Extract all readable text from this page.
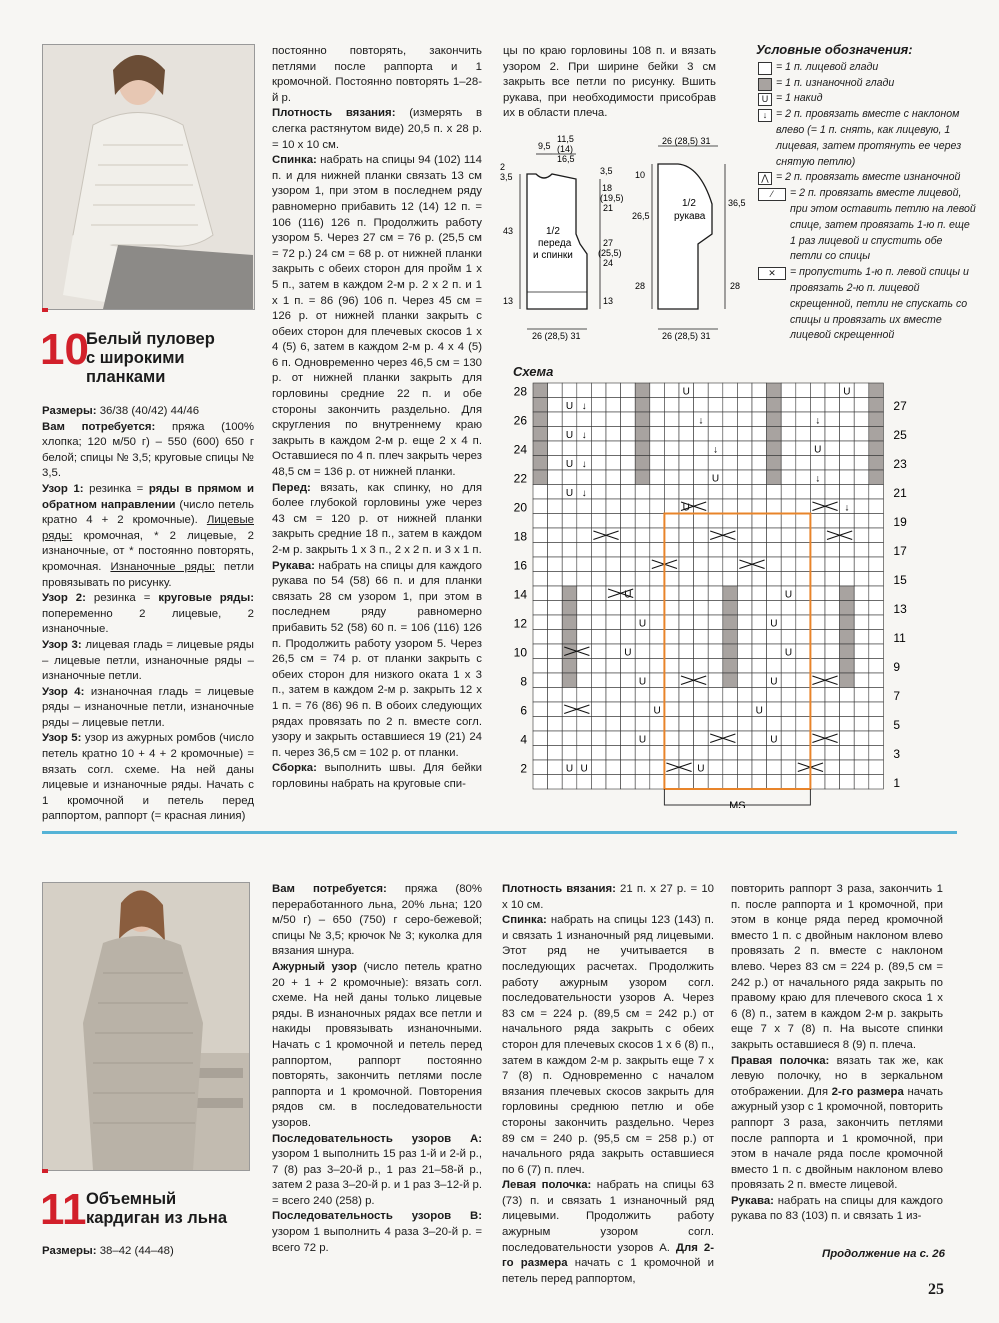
10
Белый пуловер
с широкими
планками

Размеры: 36/38 (40/42) 44/46

Вам потребуется: пряжа (100% хлопка; 120 м/50 г) – 550 (600) 650 г белой; спицы № 3,5; круговые спицы № 3,5.

Узор 1: резинка = ряды в прямом и обратном направлении (число петель кратно 4 + 2 кромочные). Лицевые ряды: кромочная, * 2 лицевые, 2 изнаночные, от * постоянно повторять, кромочная. Изнаночные ряды: петли провязывать по рисунку.

Узор 2: резинка = круговые ряды: попеременно 2 лицевые, 2 изнаночные.

Узор 3: лицевая гладь = лицевые ряды – лицевые петли, изнаночные ряды – изнаночные петли.

Узор 4: изнаночная гладь = лицевые ряды – изнаночные петли, изнаночные ряды – лицевые петли.

Узор 5: узор из ажурных ромбов (число петель кратно 10 + 4 + 2 кромочные) = вязать согл. схеме. На ней даны лицевые и изнаночные ряды. Начать с 1 кромочной и петель перед раппортом, раппорт (= красная линия)

постоянно повторять, закончить петлями после раппорта и 1 кромочной. Постоянно повторять 1–28-й р.

Плотность вязания: (измерять в слегка растянутом виде) 20,5 п. х 28 р. = 10 х 10 см.

Спинка: набрать на спицы 94 (102) 114 п. и для нижней планки связать 13 см узором 1, при этом в последнем ряду равномерно прибавить 12 (14) 12 п. = 106 (116) 126 п. Продолжить работу узором 5. Через 27 см = 76 р. (25,5 см = 72 р.) 24 см = 68 р. от нижней планки закрыть с обеих сторон для пройм 1 х 5 п., затем в каждом 2-м р. 2 х 2 п. и 1 х 1 п. = 86 (96) 106 п. Через 45 см = 126 р. от нижней планки закрыть с обеих сторон для плечевых скосов 1 х 4 (5) 6, затем в каждом 2-м р. 4 х 4 (5) 6 п. Одновременно через 46,5 см = 130 р. от нижней планки закрыть для горловины средние 22 п. и обе стороны закончить раздельно. Для скругления по внутреннему краю закрыть в каждом 2-м р. еще 2 х 4 п. Оставшиеся по 4 п. плеч закрыть через 48,5 см = 136 р. от нижней планки.

Перед: вязать, как спинку, но для более глубокой горловины уже через 43 см = 120 р. от нижней планки закрыть средние 18 п., затем в каждом 2-м р. закрыть 1 х 3 п., 2 х 2 п. и 3 х 1 п.

Рукава: набрать на спицы для каждого рукава по 54 (58) 66 п. и для планки связать 28 см узором 1, при этом в последнем ряду равномерно прибавить 52 (58) 60 п. = 106 (116) 126 п. Продолжить работу узором 5. Через 26,5 см = 74 р. от планки закрыть с обеих сторон для низкого оката 1 х 3 п., затем в каждом 2-м р. закрыть 12 х 1 п. = 76 (86) 96 п. В обоих следующих рядах провязать по 2 п. вместе согл. узору и закрыть оставшиеся 19 (21) 24 п. через 36,5 см = 102 р. от планки.

Сборка: выполнить швы. Для бейки горловины набрать на круговые спи-

цы по краю горловины 108 п. и вязать узором 2. При ширине бейки 3 см закрыть все петли по рисунку. Вшить рукава, при необходимости присобрав их в области плеча.

9,5
11,5
(14)
16,5
2
3,5
43
13
3,5
18
(19,5)
21
27
(25,5)
24
13
1/2
переда
и спинки
26 (28,5) 31
26 (28,5) 31
10
26,5
28
36,5
28
1/2
рукава
26 (28,5) 31
Условные обозначения:
= 1 п. лицевой глади
= 1 п. изнаночной глади
U = 1 накид
↓ = 2 п. провязать вместе с наклоном влево (= 1 п. снять, как лицевую, 1 лицевая, затем протянуть ее через снятую петлю)
⋀ = 2 п. провязать вместе изнаночной
⁄	= 2 п. провязать вместе лицевой, при этом оставить петлю на левой спице, затем провязать 1-ю п. еще 1 раз лицевой и спустить обе петли со спицы
✕	= пропустить 1-ю п. левой спицы и провязать 2-ю п. лицевой скрещенной, петли не спускать со спицы и провязать их вместе лицевой скрещенной
Схема
U ↓
U ↓
U ↓
U ↓
U
↓
↓
U
U
U
↓
U
↓
↓
U
U
U
U
U
U
U
U
U
U
U
U
U
U
U
28
26
24
22
20
18
16
14
12
10
8
6
4
2
27
25
23
21
19
17
15
13
11
9
7
5
3
1
MS
11 Объемный
кардиган из льна

Размеры: 38–42 (44–48)

Вам потребуется: пряжа (80% переработанного льна, 20% льна; 120 м/50 г) – 650 (750) г серо-бежевой; спицы № 3,5; крючок № 3; куколка для вязания шнура.

Ажурный узор (число петель кратно 20 + 1 + 2 кромочные): вязать согл. схеме. На ней даны только лицевые ряды. В изнаночных рядах все петли и накиды провязывать изнаночными. Начать с 1 кромочной и петель перед раппортом, раппорт постоянно повторять, закончить петлями после раппорта и 1 кромочной. Повторения рядов см. в последовательности узоров.

Последовательность узоров А: узором 1 выполнить 15 раз 1-й и 2-й р., 7 (8) раз 3–20-й р., 1 раз 21–58-й р., затем 2 раза 3–20-й р. и 1 раз 3–12-й р. = всего 240 (258) р.

Последовательность узоров В: узором 1 выполнить 4 раза 3–20-й р. = всего 72 р.

Плотность вязания: 21 п. х 27 р. = 10 х 10 см.

Спинка: набрать на спицы 123 (143) п. и связать 1 изнаночный ряд лицевыми. Этот ряд не учитывается в последующих расчетах. Продолжить работу ажурным узором согл. последовательности узоров А. Через 83 см = 224 р. (89,5 см = 242 р.) от начального ряда закрыть с обеих сторон для плечевых скосов 1 х 6 (8) п., затем в каждом 2-м р. закрыть еще 7 х 7 (8) п. Одновременно с началом вязания плечевых скосов закрыть для горловины среднюю петлю и обе стороны закончить раздельно. Через 89 см = 240 р. (95,5 см = 258 р.) от начального ряда закрыть оставшиеся по 6 (7) п. плеч.

Левая полочка: набрать на спицы 63 (73) п. и связать 1 изнаночный ряд лицевыми. Продолжить работу ажурным узором согл. последовательности узоров А. Для 2-го размера начать с 1 кромочной и петель перед раппортом,

повторить раппорт 3 раза, закончить 1 п. после раппорта и 1 кромочной, при этом в конце ряда перед кромочной вместо 1 п. с двойным наклоном влево провязать 2 п. вместе с наклоном влево. Через 83 см = 224 р. (89,5 см = 242 р.) от начального ряда закрыть по правому краю для плечевого скоса 1 х 6 (8) п., затем в каждом 2-м р. закрыть еще 7 х 7 (8) п. На высоте спинки закрыть оставшиеся 8 (9) п. плеча.

Правая полочка: вязать так же, как левую полочку, но в зеркальном отображении. Для 2-го размера начать ажурный узор с 1 кромочной, повторить раппорт 3 раза, закончить петлями после раппорта и 1 кромочной, при этом в начале ряда после кромочной вместо 1 п. с двойным наклоном влево провязать 2 п. вместе лицевой.

Рукава: набрать на спицы для каждого рукава по 83 (103) п. и связать 1 из-

Продолжение на с. 26
25
